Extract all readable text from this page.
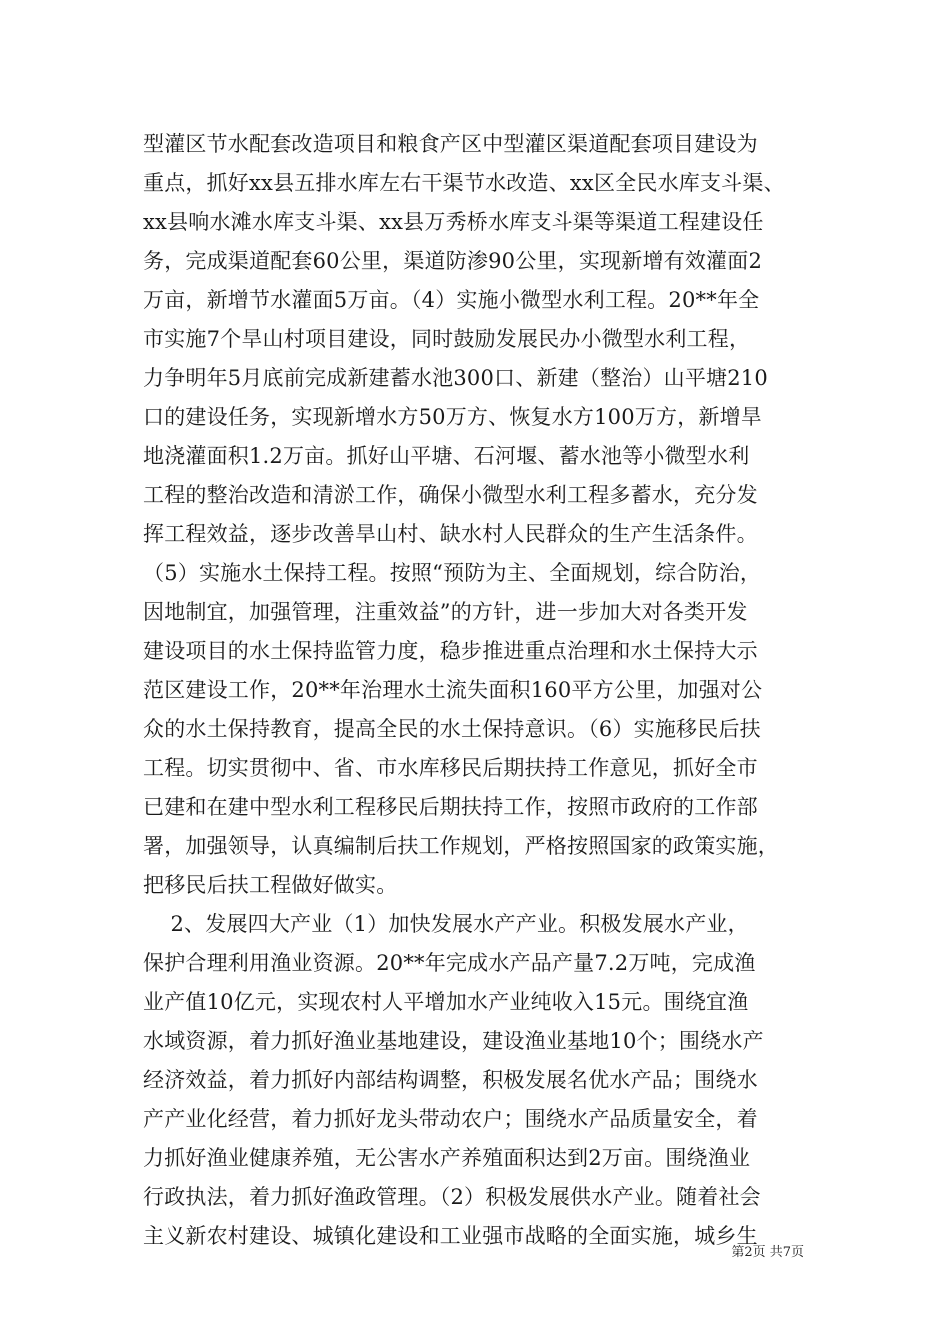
型灌区节水配套改造项目和粮食产区中型灌区渠道配套项目建设为
重点，抓好xx县五排水库左右干渠节水改造、xx区全民水库支斗渠、
xx县响水滩水库支斗渠、xx县万秀桥水库支斗渠等渠道工程建设任
务，完成渠道配套60公里，渠道防渗90公里，实现新增有效灌面2
万亩，新增节水灌面5万亩。（4）实施小微型水利工程。20**年全
市实施7个旱山村项目建设，同时鼓励发展民办小微型水利工程，
力争明年5月底前完成新建蓄水池300口、新建（整治）山平塘210
口的建设任务，实现新增水方50万方、恢复水方100万方，新增旱
地浇灌面积1.2万亩。抓好山平塘、石河堰、蓄水池等小微型水利
工程的整治改造和清淤工作，确保小微型水利工程多蓄水，充分发
挥工程效益，逐步改善旱山村、缺水村人民群众的生产生活条件。
（5）实施水土保持工程。按照“预防为主、全面规划，综合防治，
因地制宜，加强管理，注重效益”的方针，进一步加大对各类开发
建设项目的水土保持监管力度，稳步推进重点治理和水土保持大示
范区建设工作，20**年治理水土流失面积160平方公里，加强对公
众的水土保持教育，提高全民的水土保持意识。（6）实施移民后扶
工程。切实贯彻中、省、市水库移民后期扶持工作意见，抓好全市
已建和在建中型水利工程移民后期扶持工作，按照市政府的工作部
署，加强领导，认真编制后扶工作规划，严格按照国家的政策实施，
把移民后扶工程做好做实。
2、发展四大产业（1）加快发展水产产业。积极发展水产业，
保护合理利用渔业资源。20**年完成水产品产量7.2万吨，完成渔
业产值10亿元，实现农村人平增加水产业纯收入15元。围绕宜渔
水域资源，着力抓好渔业基地建设，建设渔业基地10个；围绕水产
经济效益，着力抓好内部结构调整，积极发展名优水产品；围绕水
产产业化经营，着力抓好龙头带动农户；围绕水产品质量安全，着
力抓好渔业健康养殖，无公害水产养殖面积达到2万亩。围绕渔业
行政执法，着力抓好渔政管理。（2）积极发展供水产业。随着社会
主义新农村建设、城镇化建设和工业强市战略的全面实施，城乡生
第2页 共7页
